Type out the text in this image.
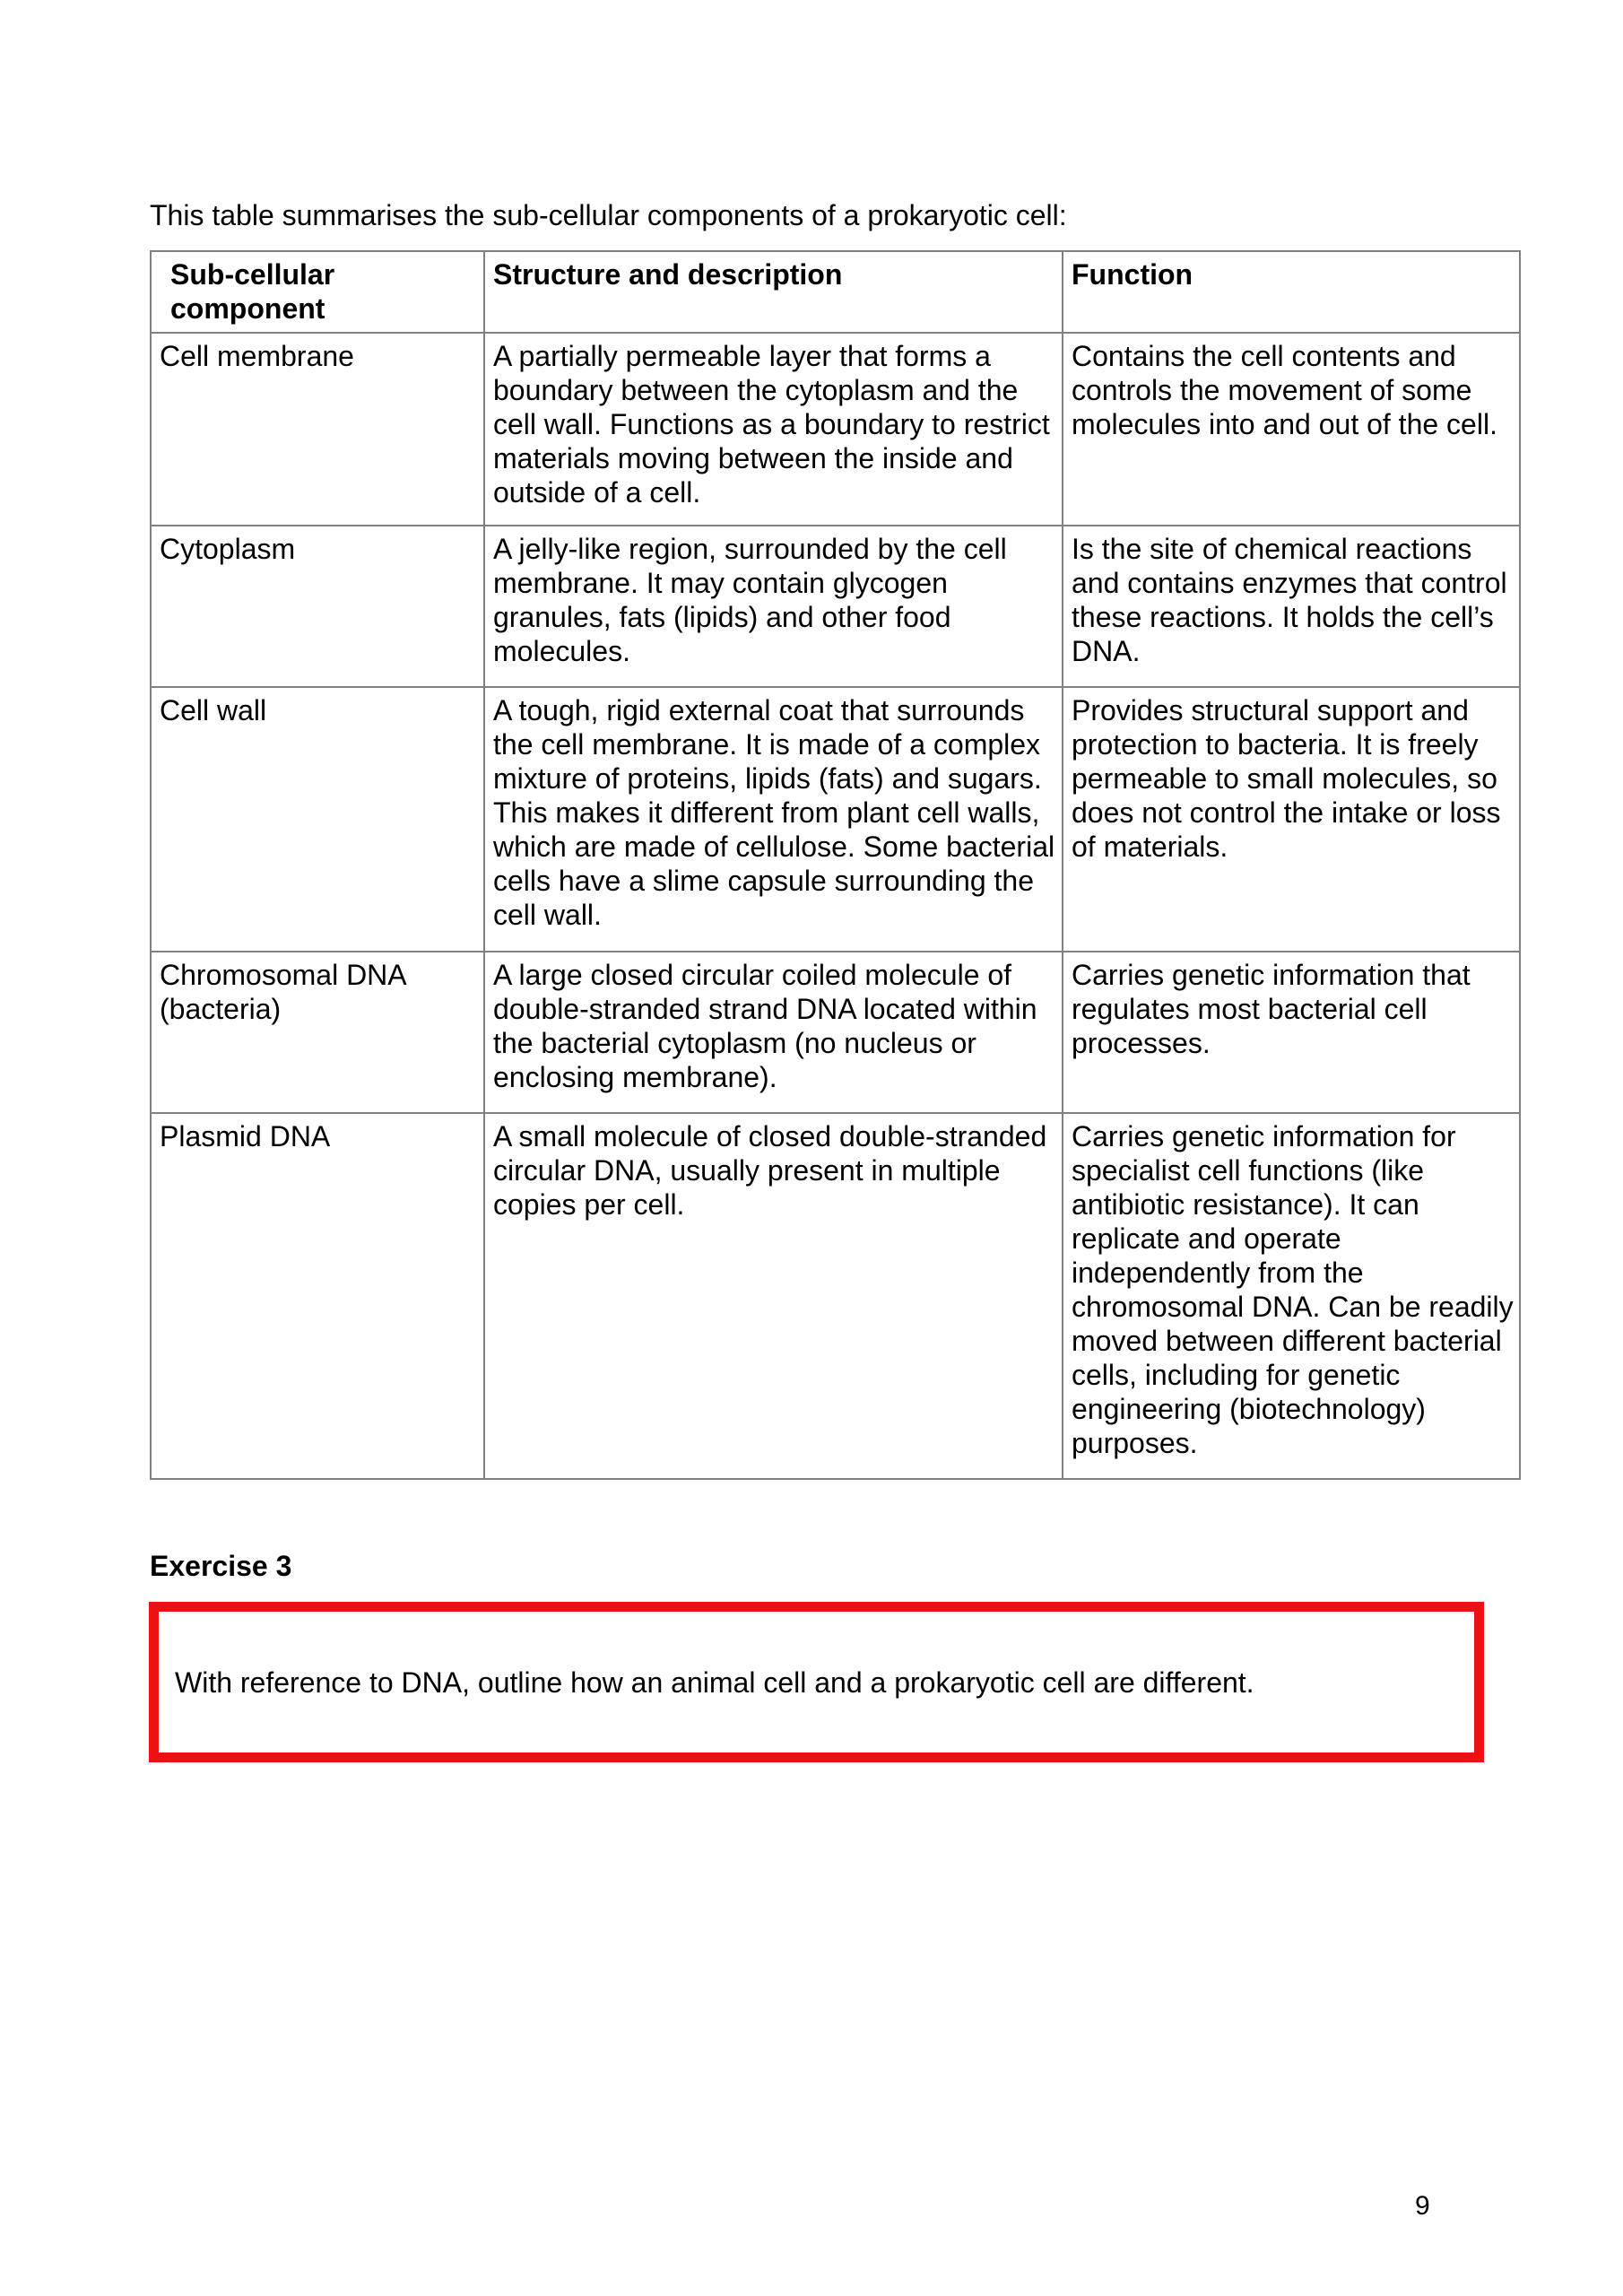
This table summarises the sub-cellular components of a prokaryotic cell:

Sub-cellular component	Structure and description	Function
Cell membrane	A partially permeable layer that forms a boundary between the cytoplasm and the cell wall. Functions as a boundary to restrict materials moving between the inside and outside of a cell.	Contains the cell contents and controls the movement of some molecules into and out of the cell.
Cytoplasm	A jelly-like region, surrounded by the cell membrane. It may contain glycogen granules, fats (lipids) and other food molecules.	Is the site of chemical reactions and contains enzymes that control these reactions. It holds the cell’s DNA.
Cell wall	A tough, rigid external coat that surrounds the cell membrane. It is made of a complex mixture of proteins, lipids (fats) and sugars. This makes it different from plant cell walls, which are made of cellulose. Some bacterial cells have a slime capsule surrounding the cell wall.	Provides structural support and protection to bacteria. It is freely permeable to small molecules, so does not control the intake or loss of materials.
Chromosomal DNA (bacteria)	A large closed circular coiled molecule of double-stranded strand DNA located within the bacterial cytoplasm (no nucleus or enclosing membrane).	Carries genetic information that regulates most bacterial cell processes.
Plasmid DNA	A small molecule of closed double-stranded circular DNA, usually present in multiple copies per cell.	Carries genetic information for specialist cell functions (like antibiotic resistance). It can replicate and operate independently from the chromosomal DNA. Can be readily moved between different bacterial cells, including for genetic engineering (biotechnology) purposes.
Exercise 3

With reference to DNA, outline how an animal cell and a prokaryotic cell are different.

9
